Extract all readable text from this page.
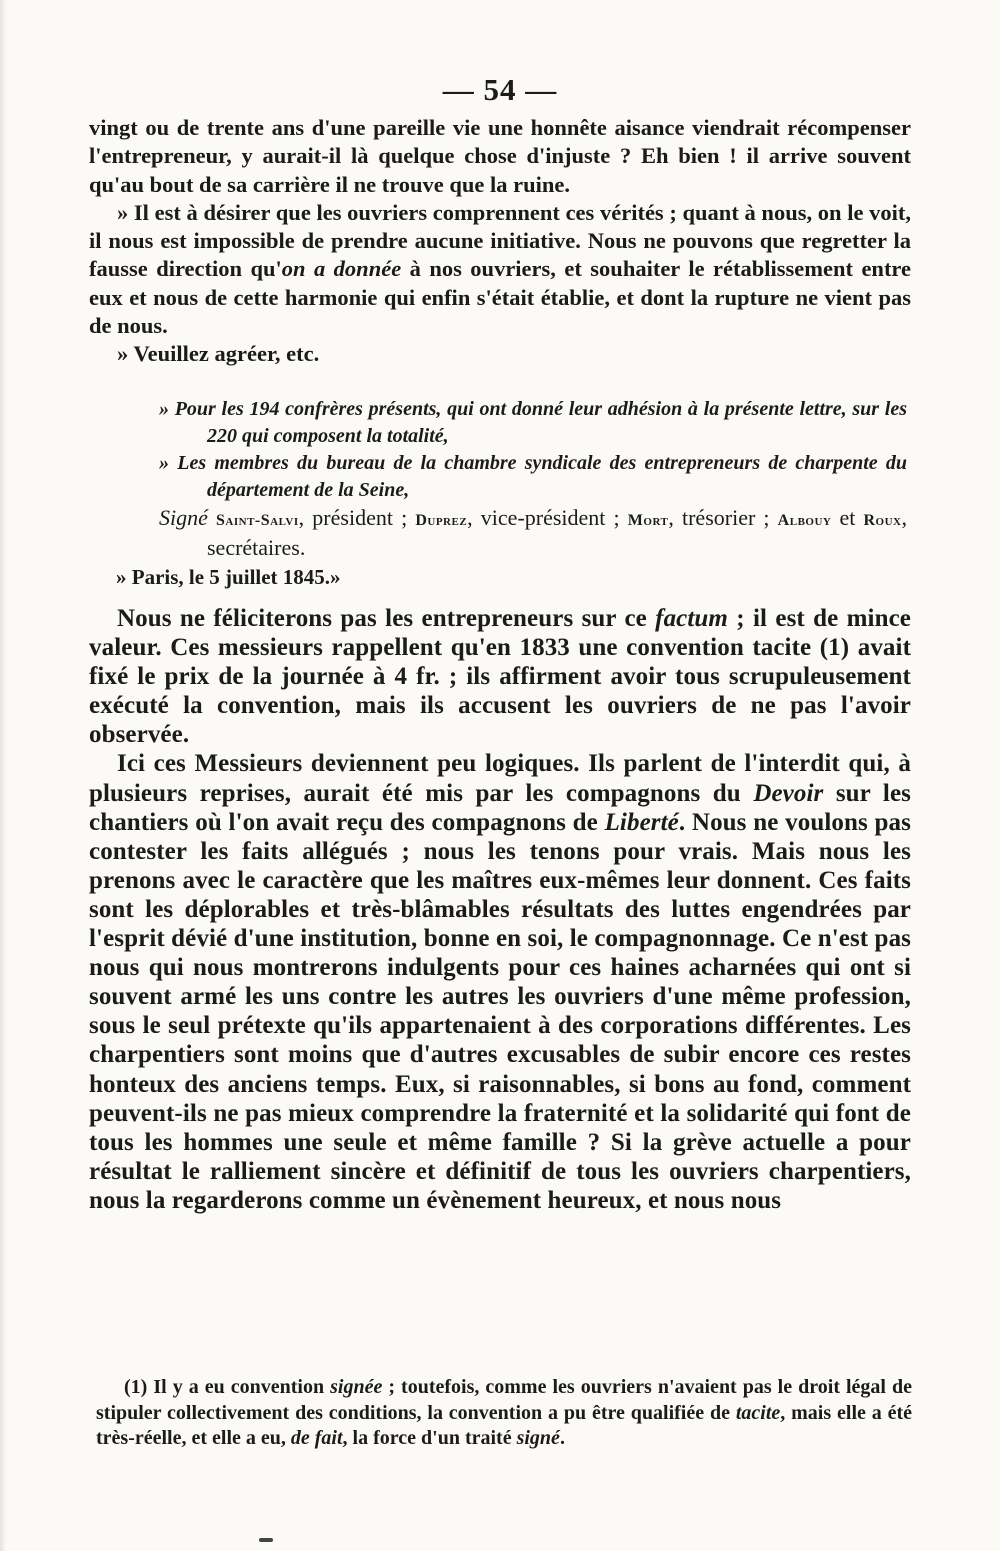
— 54 —
vingt ou de trente ans d'une pareille vie une honnête aisance viendrait récompenser l'entrepreneur, y aurait-il là quelque chose d'injuste ? Eh bien ! il arrive souvent qu'au bout de sa carrière il ne trouve que la ruine.
» Il est à désirer que les ouvriers comprennent ces vérités ; quant à nous, on le voit, il nous est impossible de prendre aucune initiative. Nous ne pouvons que regretter la fausse direction qu'on a donnée à nos ouvriers, et souhaiter le rétablissement entre eux et nous de cette harmonie qui enfin s'était établie, et dont la rupture ne vient pas de nous.
» Veuillez agréer, etc.
» Pour les 194 confrères présents, qui ont donné leur adhésion à la présente lettre, sur les 220 qui composent la totalité,
» Les membres du bureau de la chambre syndicale des entrepreneurs de charpente du département de la Seine,
Signé Saint-Salvi, président ; Duprez, vice-président ; Mort, trésorier ; Albouy et Roux, secrétaires.
» Paris, le 5 juillet 1845.»
Nous ne féliciterons pas les entrepreneurs sur ce factum ; il est de mince valeur. Ces messieurs rappellent qu'en 1833 une convention tacite (1) avait fixé le prix de la journée à 4 fr. ; ils affirment avoir tous scrupuleusement exécuté la convention, mais ils accusent les ouvriers de ne pas l'avoir observée.
Ici ces Messieurs deviennent peu logiques. Ils parlent de l'interdit qui, à plusieurs reprises, aurait été mis par les compagnons du Devoir sur les chantiers où l'on avait reçu des compagnons de Liberté. Nous ne voulons pas contester les faits allégués ; nous les tenons pour vrais. Mais nous les prenons avec le caractère que les maîtres eux-mêmes leur donnent. Ces faits sont les déplorables et très-blâmables résultats des luttes engendrées par l'esprit dévié d'une institution, bonne en soi, le compagnonnage. Ce n'est pas nous qui nous montrerons indulgents pour ces haines acharnées qui ont si souvent armé les uns contre les autres les ouvriers d'une même profession, sous le seul prétexte qu'ils appartenaient à des corporations différentes. Les charpentiers sont moins que d'autres excusables de subir encore ces restes honteux des anciens temps. Eux, si raisonnables, si bons au fond, comment peuvent-ils ne pas mieux comprendre la fraternité et la solidarité qui font de tous les hommes une seule et même famille ? Si la grève actuelle a pour résultat le ralliement sincère et définitif de tous les ouvriers charpentiers, nous la regarderons comme un évènement heureux, et nous nous
(1) Il y a eu convention signée ; toutefois, comme les ouvriers n'avaient pas le droit légal de stipuler collectivement des conditions, la convention a pu être qualifiée de tacite, mais elle a été très-réelle, et elle a eu, de fait, la force d'un traité signé.
